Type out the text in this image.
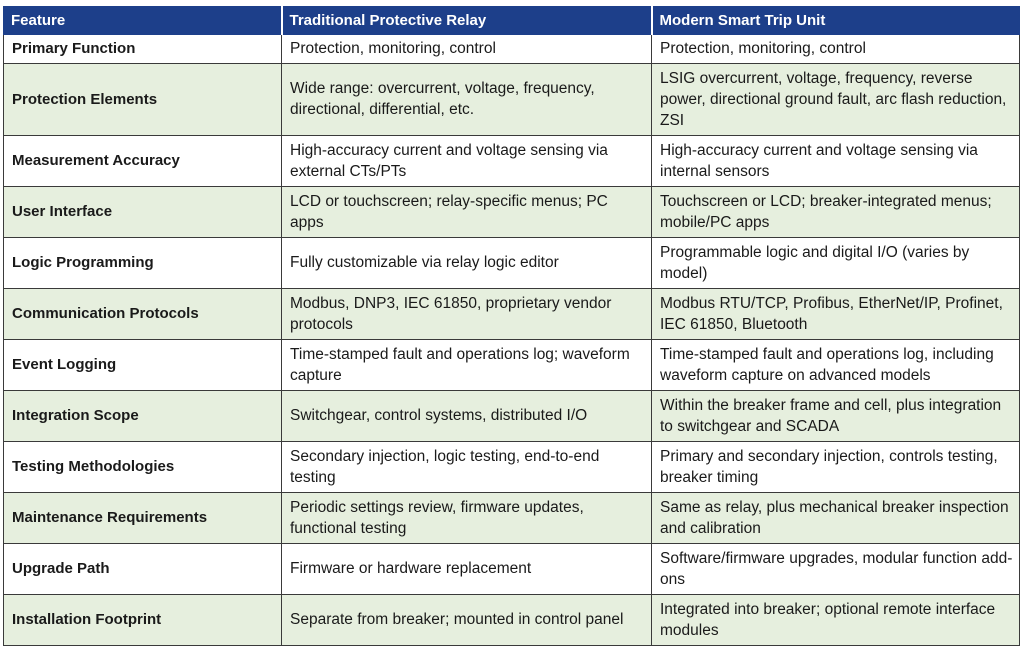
Feature	Traditional Protective Relay	Modern Smart Trip Unit
Primary Function	Protection, monitoring, control	Protection, monitoring, control
Protection Elements	Wide range: overcurrent, voltage, frequency, directional, differential, etc.	LSIG overcurrent, voltage, frequency, reverse power, directional ground fault, arc flash reduction, ZSI
Measurement Accuracy	High-accuracy current and voltage sensing via external CTs/PTs	High-accuracy current and voltage sensing via internal sensors
User Interface	LCD or touchscreen; relay-specific menus; PC apps	Touchscreen or LCD; breaker-integrated menus; mobile/PC apps
Logic Programming	Fully customizable via relay logic editor	Programmable logic and digital I/O (varies by model)
Communication Protocols	Modbus, DNP3, IEC 61850, proprietary vendor protocols	Modbus RTU/TCP, Profibus, EtherNet/IP, Profinet, IEC 61850, Bluetooth
Event Logging	Time-stamped fault and operations log; waveform capture	Time-stamped fault and operations log, including waveform capture on advanced models
Integration Scope	Switchgear, control systems, distributed I/O	Within the breaker frame and cell, plus integration to switchgear and SCADA
Testing Methodologies	Secondary injection, logic testing, end-to-end testing	Primary and secondary injection, controls testing, breaker timing
Maintenance Requirements	Periodic settings review, firmware updates, functional testing	Same as relay, plus mechanical breaker inspection and calibration
Upgrade Path	Firmware or hardware replacement	Software/firmware upgrades, modular function add-ons
Installation Footprint	Separate from breaker; mounted in control panel	Integrated into breaker; optional remote interface modules
